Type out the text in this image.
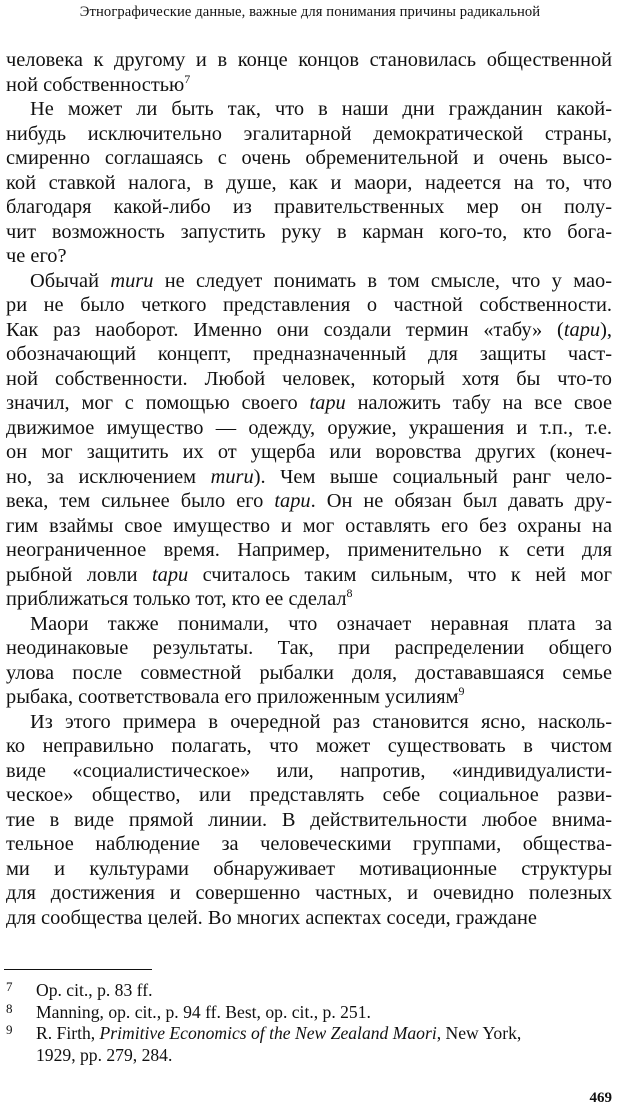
Этнографические данные, важные для понимания причины радикальной
человека к другому и в конце концов становилась общественной
ной собственностью$^7$
Не может ли быть так, что в наши дни гражданин какой-
нибудь исключительно эгалитарной демократической страны,
смиренно соглашаясь с очень обременительной и очень высо-
кой ставкой налога, в душе, как и маори, надеется на то, что
благодаря какой-либо из правительственных мер он полу-
чит возможность запустить руку в карман кого-то, кто бога-
че его?
Обычай muru не следует понимать в том смысле, что у мао-
ри не было четкого представления о частной собственности.
Как раз наоборот. Именно они создали термин «табу» (tapu),
обозначающий концепт, предназначенный для защиты част-
ной собственности. Любой человек, который хотя бы что-то
значил, мог с помощью своего tapu наложить табу на все свое
движимое имущество — одежду, оружие, украшения и т.п., т.е.
он мог защитить их от ущерба или воровства других (конеч-
но, за исключением muru). Чем выше социальный ранг чело-
века, тем сильнее было его tapu. Он не обязан был давать дру-
гим взаймы свое имущество и мог оставлять его без охраны на
неограниченное время. Например, применительно к сети для
рыбной ловли tapu считалось таким сильным, что к ней мог
приближаться только тот, кто ее сделал$^8$
Маори также понимали, что означает неравная плата за
неодинаковые результаты. Так, при распределении общего
улова после совместной рыбалки доля, достававшаяся семье
рыбака, соответствовала его приложенным усилиям$^9$
Из этого примера в очередной раз становится ясно, насколь-
ко неправильно полагать, что может существовать в чистом
виде «социалистическое» или, напротив, «индивидуалисти-
ческое» общество, или представлять себе социальное разви-
тие в виде прямой линии. В действительности любое внима-
тельное наблюдение за человеческими группами, обществa-
ми и культурами обнаруживает мотивационные структуры
для достижения и совершенно частных, и очевидно полезных
для сообщества целей. Во многих аспектах соседи, граждане
7 Op. cit., p. 83 ff.
8 Manning, op. cit., p. 94 ff. Best, op. cit., p. 251.
9 R. Firth, Primitive Economics of the New Zealand Maori, New York,
1929, pp. 279, 284.
469
